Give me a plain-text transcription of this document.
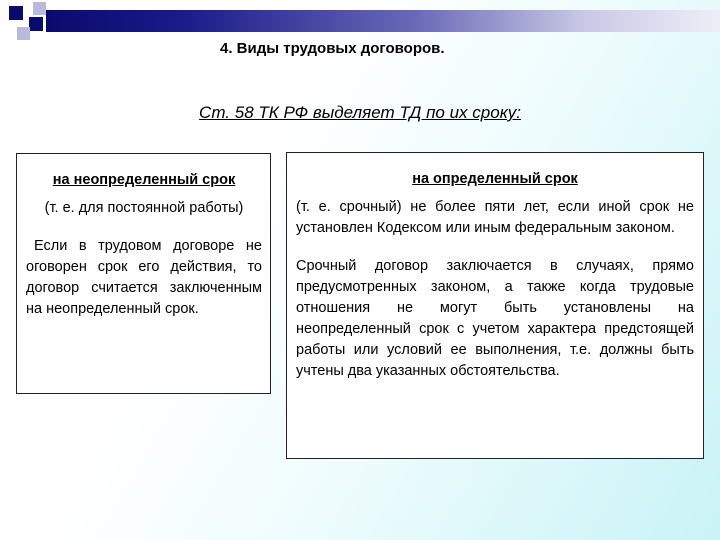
4. Виды трудовых договоров.
Ст. 58 ТК РФ выделяет ТД по их сроку:
на неопределенный срок
(т. е. для постоянной работы)
Если в трудовом договоре не оговорен срок его действия, то договор считается заключенным на неопределенный срок.
на определенный срок
(т. е. срочный) не более пяти лет, если иной срок не установлен Кодексом или иным федеральным законом.
Срочный договор заключается в случаях, прямо предусмотренных законом, а также когда трудовые отношения не могут быть установлены на неопределенный срок с учетом характера предстоящей работы или условий ее выполнения, т.е. должны быть учтены два указанных обстоятельства.
